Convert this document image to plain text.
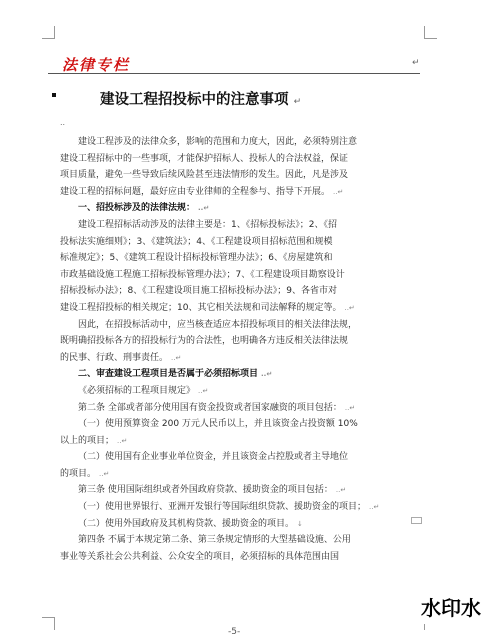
法律专栏	↵
建设工程招投标中的注意事项 ↵
..

建设工程涉及的法律众多，影响的范围和力度大，因此，必须特别注意

建设工程招标中的一些事项，才能保护招标人、投标人的合法权益，保证

项目质量，避免一些导致后续风险甚至违法情形的发生。因此，凡是涉及

建设工程的招标问题，最好应由专业律师的全程参与、指导下开展。 ..↵

一、招投标涉及的法律法规： ..↵

建设工程招标活动涉及的法律主要是：1、《招标投标法》；2、《招

投标法实施细则》；3、《建筑法》；4、《工程建设项目招标范围和规模

标准规定》；5、《建筑工程设计招标投标管理办法》；6、《房屋建筑和

市政基础设施工程施工招标投标管理办法》；7、《工程建设项目勘察设计

招标投标办法》；8、《工程建设项目施工招标投标办法》；9、各省市对

建设工程招投标的相关规定；10、其它相关法规和司法解释的规定等。 ..↵

因此，在招投标活动中，应当核查适应本招投标项目的相关法律法规，

既明确招投标各方的招投标行为的合法性，也明确各方违反相关法律法规

的民事、行政、刑事责任。 ..↵

二、审查建设工程项目是否属于必须招标项目 ..↵

《必须招标的工程项目规定》 ..↵

第二条 全部或者部分使用国有资金投资或者国家融资的项目包括： ..↵

（一）使用预算资金 200 万元人民币以上，并且该资金占投资额 10%

以上的项目； ..↵

（二）使用国有企业事业单位资金，并且该资金占控股或者主导地位

的项目。 ..↵

第三条 使用国际组织或者外国政府贷款、援助资金的项目包括： ..↵

（一）使用世界银行、亚洲开发银行等国际组织贷款、援助资金的项目； ..↵

（二）使用外国政府及其机构贷款、援助资金的项目。 ↓

第四条 不属于本规定第二条、第三条规定情形的大型基础设施、公用

事业等关系社会公共利益、公众安全的项目，必须招标的具体范围由国

水印水
-5-
